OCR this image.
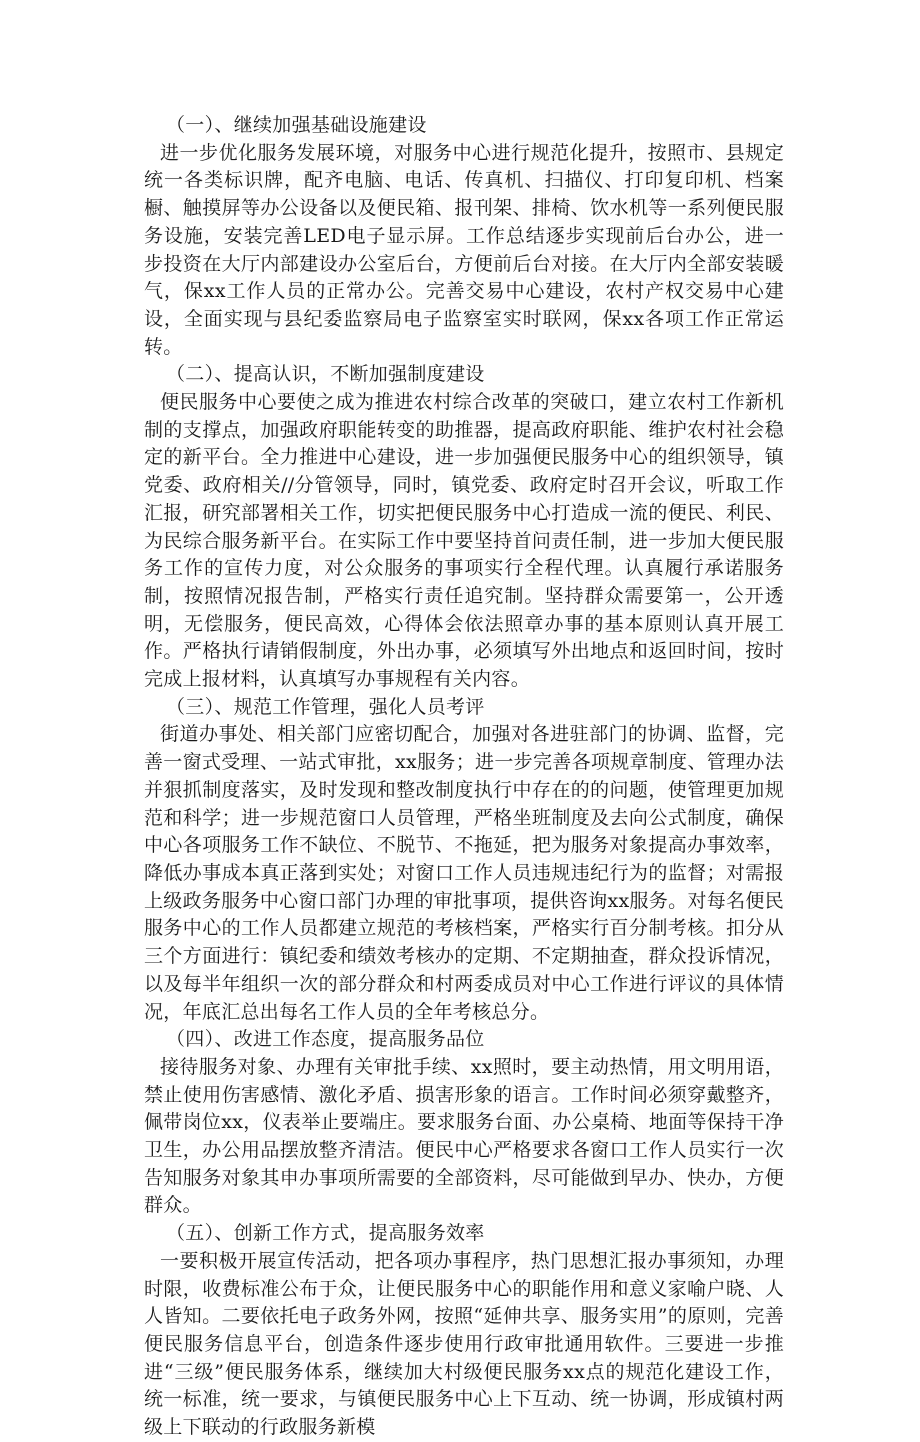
（一）、继续加强基础设施建设

进一步优化服务发展环境，对服务中心进行规范化提升，按照市、县规定统一各类标识牌，配齐电脑、电话、传真机、扫描仪、打印复印机、档案橱、触摸屏等办公设备以及便民箱、报刊架、排椅、饮水机等一系列便民服务设施，安装完善LED电子显示屏。工作总结逐步实现前后台办公，进一步投资在大厅内部建设办公室后台，方便前后台对接。在大厅内全部安装暖气，保xx工作人员的正常办公。完善交易中心建设，农村产权交易中心建设，全面实现与县纪委监察局电子监察室实时联网，保xx各项工作正常运转。

（二）、提高认识，不断加强制度建设

便民服务中心要使之成为推进农村综合改革的突破口，建立农村工作新机制的支撑点，加强政府职能转变的助推器，提高政府职能、维护农村社会稳定的新平台。全力推进中心建设，进一步加强便民服务中心的组织领导，镇党委、政府相关//分管领导，同时，镇党委、政府定时召开会议，听取工作汇报，研究部署相关工作，切实把便民服务中心打造成一流的便民、利民、为民综合服务新平台。在实际工作中要坚持首问责任制，进一步加大便民服务工作的宣传力度，对公众服务的事项实行全程代理。认真履行承诺服务制，按照情况报告制，严格实行责任追究制。坚持群众需要第一，公开透明，无偿服务，便民高效，心得体会依法照章办事的基本原则认真开展工作。严格执行请销假制度，外出办事，必须填写外出地点和返回时间，按时完成上报材料，认真填写办事规程有关内容。

（三）、规范工作管理，强化人员考评

街道办事处、相关部门应密切配合，加强对各进驻部门的协调、监督，完善一窗式受理、一站式审批，xx服务；进一步完善各项规章制度、管理办法并狠抓制度落实，及时发现和整改制度执行中存在的的问题，使管理更加规范和科学；进一步规范窗口人员管理，严格坐班制度及去向公式制度，确保中心各项服务工作不缺位、不脱节、不拖延，把为服务对象提高办事效率，降低办事成本真正落到实处；对窗口工作人员违规违纪行为的监督；对需报上级政务服务中心窗口部门办理的审批事项，提供咨询xx服务。对每名便民服务中心的工作人员都建立规范的考核档案，严格实行百分制考核。扣分从三个方面进行：镇纪委和绩效考核办的定期、不定期抽查，群众投诉情况，以及每半年组织一次的部分群众和村两委成员对中心工作进行评议的具体情况，年底汇总出每名工作人员的全年考核总分。

（四）、改进工作态度，提高服务品位

接待服务对象、办理有关审批手续、xx照时，要主动热情，用文明用语，禁止使用伤害感情、激化矛盾、损害形象的语言。工作时间必须穿戴整齐，佩带岗位xx，仪表举止要端庄。要求服务台面、办公桌椅、地面等保持干净卫生，办公用品摆放整齐清洁。便民中心严格要求各窗口工作人员实行一次告知服务对象其申办事项所需要的全部资料，尽可能做到早办、快办，方便群众。

（五）、创新工作方式，提高服务效率

一要积极开展宣传活动，把各项办事程序，热门思想汇报办事须知，办理时限，收费标准公布于众，让便民服务中心的职能作用和意义家喻户晓、人人皆知。二要依托电子政务外网，按照“延伸共享、服务实用”的原则，完善便民服务信息平台，创造条件逐步使用行政审批通用软件。三要进一步推进“三级”便民服务体系，继续加大村级便民服务xx点的规范化建设工作，统一标准，统一要求，与镇便民服务中心上下互动、统一协调，形成镇村两级上下联动的行政服务新模
